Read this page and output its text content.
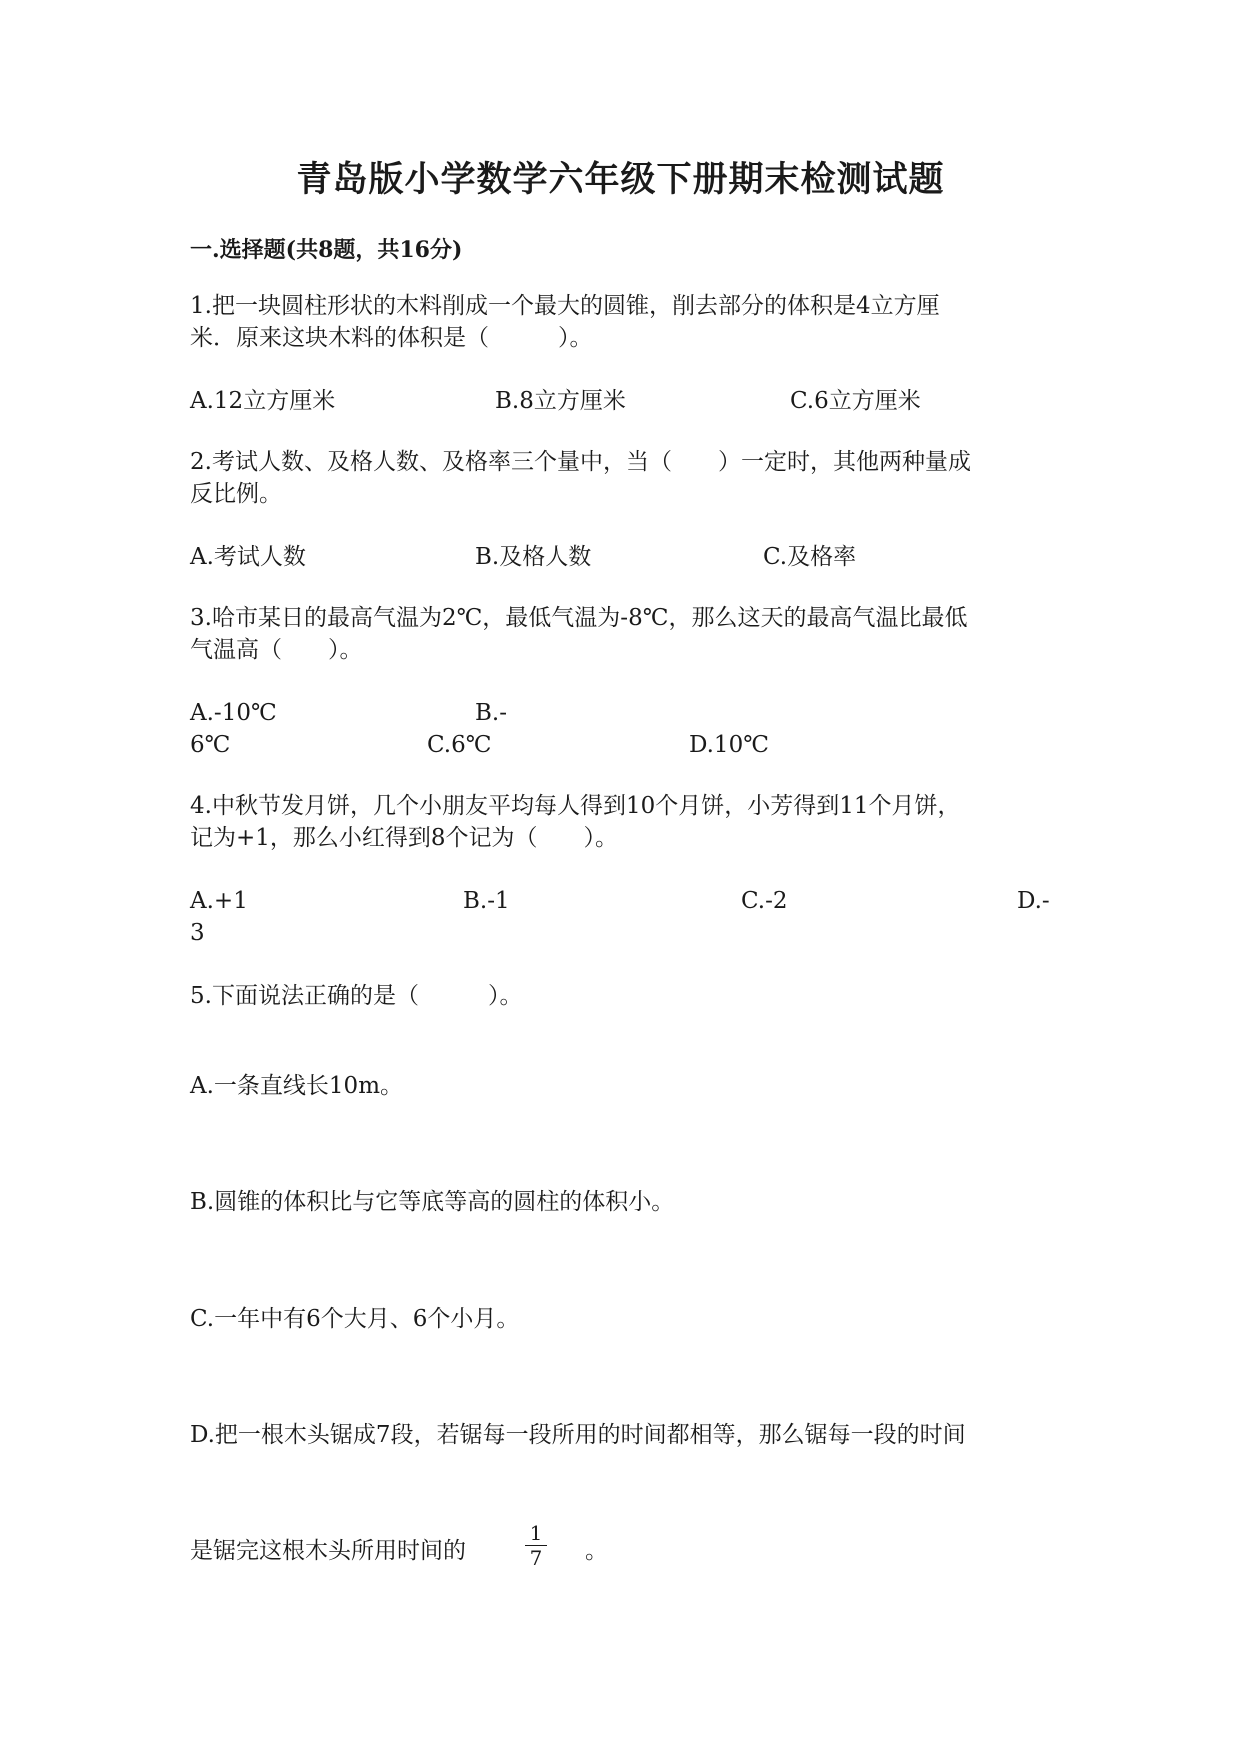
青岛版小学数学六年级下册期末检测试题
一.选择题(共8题，共16分)
1.把一块圆柱形状的木料削成一个最大的圆锥，削去部分的体积是4立方厘
米．原来这块木料的体积是（　　　）。
A.12立方厘米	B.8立方厘米	C.6立方厘米
2.考试人数、及格人数、及格率三个量中，当（　　）一定时，其他两种量成
反比例。
A.考试人数	B.及格人数	C.及格率
3.哈市某日的最高气温为2℃，最低气温为-8℃，那么这天的最高气温比最低
气温高（　　）。
A.-10℃	B.-
6℃	C.6℃	D.10℃
4.中秋节发月饼，几个小朋友平均每人得到10个月饼，小芳得到11个月饼，
记为+1，那么小红得到8个记为（　　）。
A.+1	B.-1	C.-2	D.-
3
5.下面说法正确的是（　　　）。
A.一条直线长10m。
B.圆锥的体积比与它等底等高的圆柱的体积小。
C.一年中有6个大月、6个小月。
D.把一根木头锯成7段，若锯每一段所用的时间都相等，那么锯每一段的时间
是锯完这根木头所用时间的
1
7 。
